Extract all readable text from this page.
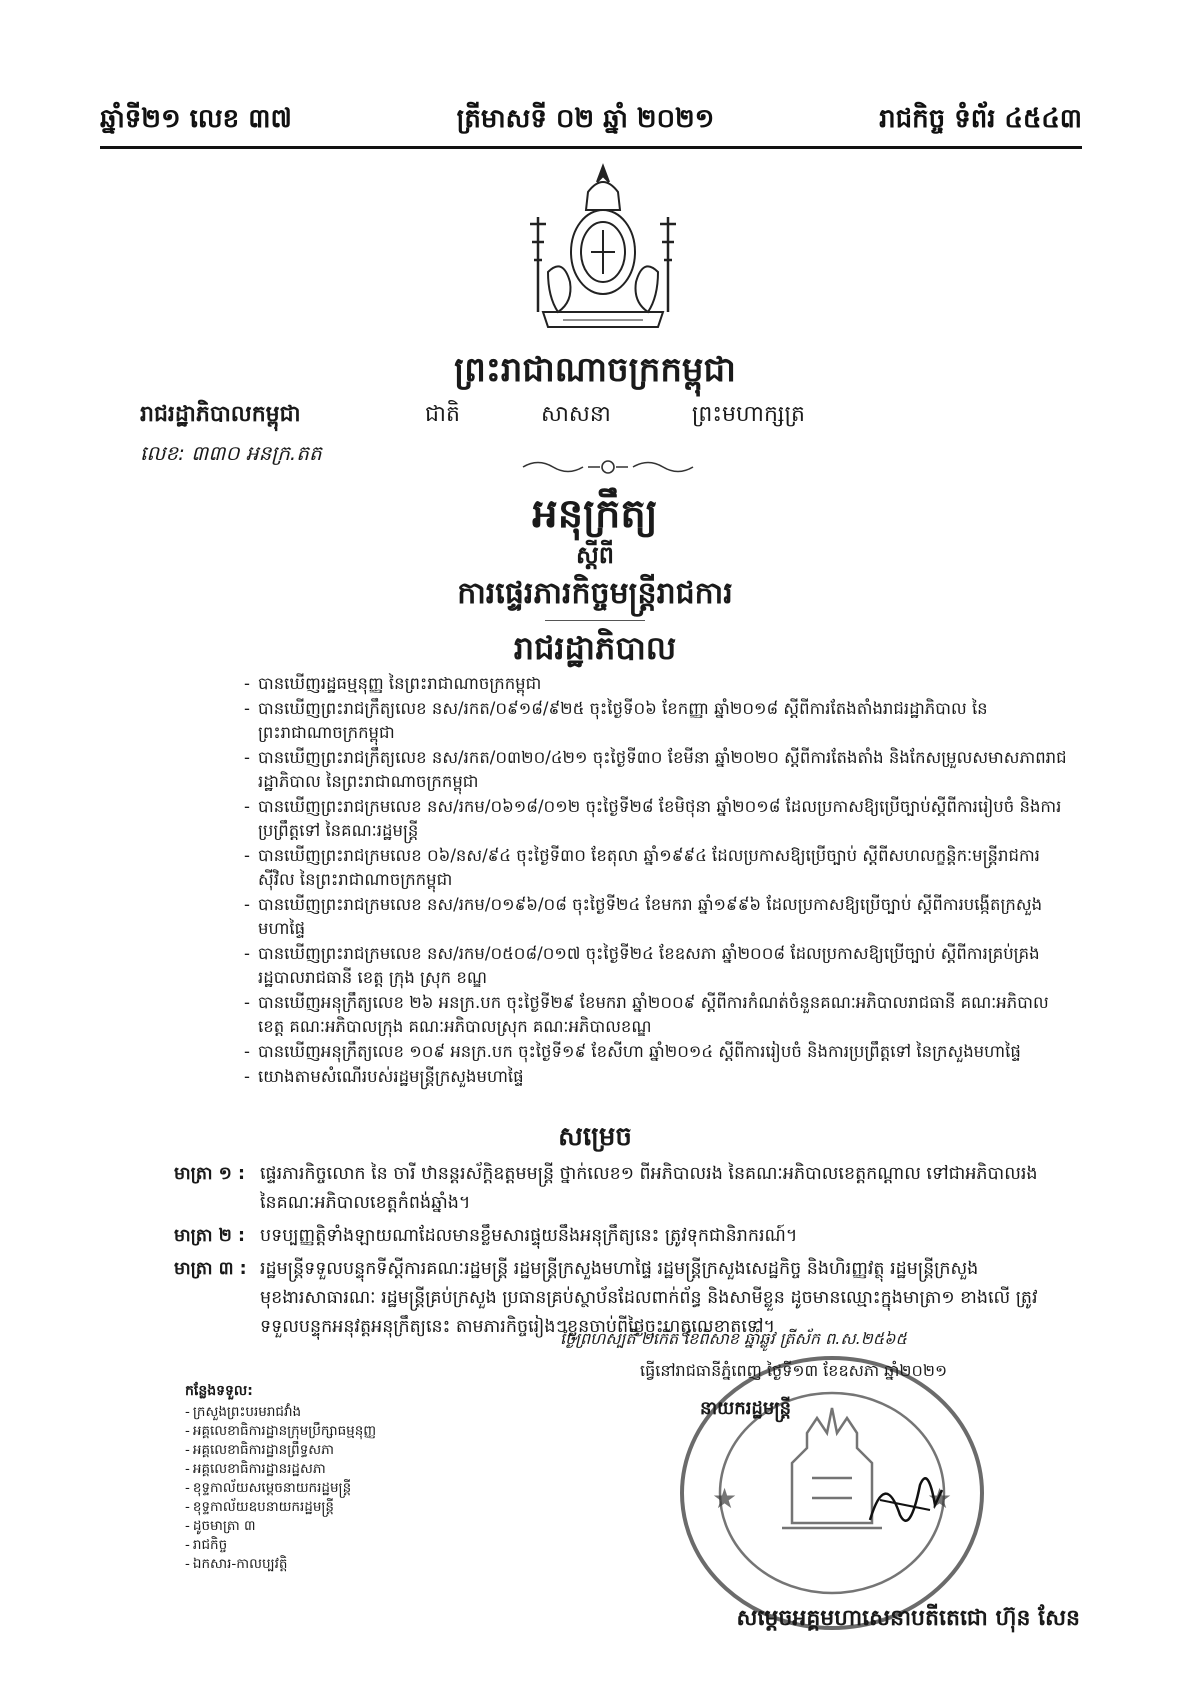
ឆ្នាំទី២១ លេខ ៣៧	ត្រីមាសទី ០២ ឆ្នាំ ២០២១	រាជកិច្ច ទំព័រ ៤៥៤៣
ព្រះរាជាណាចក្រកម្ពុជា
រាជរដ្ឋាភិបាលកម្ពុជា	ជាតិ	សាសនា	ព្រះមហាក្សត្រ
លេខ: ៣៣០ អនក្រ.តត
អនុក្រឹត្យ
ស្តីពី
ការផ្ទេរភារកិច្ចមន្ត្រីរាជការ
រាជរដ្ឋាភិបាល
- បានឃើញរដ្ឋធម្មនុញ្ញ នៃព្រះរាជាណាចក្រកម្ពុជា
- បានឃើញព្រះរាជក្រឹត្យលេខ នស/រកត/០៩១៨/៩២៥ ចុះថ្ងៃទី០៦ ខែកញ្ញា ឆ្នាំ២០១៨ ស្តីពីការតែងតាំងរាជរដ្ឋាភិបាល នៃព្រះរាជាណាចក្រកម្ពុជា
- បានឃើញព្រះរាជក្រឹត្យលេខ នស/រកត/០៣២០/៤២១ ចុះថ្ងៃទី៣០ ខែមីនា ឆ្នាំ២០២០ ស្តីពីការតែងតាំង និងកែសម្រួលសមាសភាពរាជរដ្ឋាភិបាល នៃព្រះរាជាណាចក្រកម្ពុជា
- បានឃើញព្រះរាជក្រមលេខ នស/រកម/០៦១៨/០១២ ចុះថ្ងៃទី២៨ ខែមិថុនា ឆ្នាំ២០១៨ ដែលប្រកាសឱ្យប្រើច្បាប់ស្តីពីការរៀបចំ និងការប្រព្រឹត្តទៅ នៃគណៈរដ្ឋមន្ត្រី
- បានឃើញព្រះរាជក្រមលេខ ០៦/នស/៩៤ ចុះថ្ងៃទី៣០ ខែតុលា ឆ្នាំ១៩៩៤ ដែលប្រកាសឱ្យប្រើច្បាប់ ស្តីពីសហលក្ខន្តិកៈមន្ត្រីរាជការស៊ីវិល នៃព្រះរាជាណាចក្រកម្ពុជា
- បានឃើញព្រះរាជក្រមលេខ នស/រកម/០១៩៦/០៨ ចុះថ្ងៃទី២៤ ខែមករា ឆ្នាំ១៩៩៦ ដែលប្រកាសឱ្យប្រើច្បាប់ ស្តីពីការបង្កើតក្រសួងមហាផ្ទៃ
- បានឃើញព្រះរាជក្រមលេខ នស/រកម/០៥០៨/០១៧ ចុះថ្ងៃទី២៤ ខែឧសភា ឆ្នាំ២០០៨ ដែលប្រកាសឱ្យប្រើច្បាប់ ស្តីពីការគ្រប់គ្រងរដ្ឋបាលរាជធានី ខេត្ត ក្រុង ស្រុក ខណ្ឌ
- បានឃើញអនុក្រឹត្យលេខ ២៦ អនក្រ.បក ចុះថ្ងៃទី២៩ ខែមករា ឆ្នាំ២០០៩ ស្តីពីការកំណត់ចំនួនគណៈអភិបាលរាជធានី គណៈអភិបាលខេត្ត គណៈអភិបាលក្រុង គណៈអភិបាលស្រុក គណៈអភិបាលខណ្ឌ
- បានឃើញអនុក្រឹត្យលេខ ១០៩ អនក្រ.បក ចុះថ្ងៃទី១៩ ខែសីហា ឆ្នាំ២០១៤ ស្តីពីការរៀបចំ និងការប្រព្រឹត្តទៅ នៃក្រសួងមហាផ្ទៃ
- យោងតាមសំណើរបស់រដ្ឋមន្ត្រីក្រសួងមហាផ្ទៃ
សម្រេច
មាត្រា ១ : ផ្ទេរភារកិច្ចលោក នៃ ចារី ឋានន្តរស័ក្តិឧត្តមមន្ត្រី ថ្នាក់លេខ១ ពីអភិបាលរង នៃគណៈអភិបាលខេត្តកណ្តាល ទៅជាអភិបាលរង នៃគណៈអភិបាលខេត្តកំពង់ឆ្នាំង។
មាត្រា ២ : បទប្បញ្ញត្តិទាំងឡាយណាដែលមានខ្លឹមសារផ្ទុយនឹងអនុក្រឹត្យនេះ ត្រូវទុកជានិរាករណ៍។
មាត្រា ៣ : រដ្ឋមន្ត្រីទទួលបន្ទុកទីស្តីការគណៈរដ្ឋមន្ត្រី រដ្ឋមន្ត្រីក្រសួងមហាផ្ទៃ រដ្ឋមន្ត្រីក្រសួងសេដ្ឋកិច្ច និងហិរញ្ញវត្ថុ រដ្ឋមន្ត្រីក្រសួងមុខងារសាធារណៈ រដ្ឋមន្ត្រីគ្រប់ក្រសួង ប្រធានគ្រប់ស្ថាប័នដែលពាក់ព័ន្ធ និងសាមីខ្លួន ដូចមានឈ្មោះក្នុងមាត្រា១ ខាងលើ ត្រូវទទួលបន្ទុកអនុវត្តអនុក្រឹត្យនេះ តាមភារកិច្ចរៀងៗខ្លួនចាប់ពីថ្ងៃចុះហត្ថលេខាតទៅ។
★	★
ថ្ងៃព្រហស្បតិ៍ ២កើត ខែពិសាខ ឆ្នាំឆ្លូវ ត្រីស័ក ព.ស.២៥៦៥
ធ្វើនៅរាជធានីភ្នំពេញ ថ្ងៃទី១៣ ខែឧសភា ឆ្នាំ២០២១
នាយករដ្ឋមន្ត្រី
សម្តេចអគ្គមហាសេនាបតីតេជោ ហ៊ុន សែន
កន្លែងទទួល:
- ក្រសួងព្រះបរមរាជវាំង
- អគ្គលេខាធិការដ្ឋានក្រុមប្រឹក្សាធម្មនុញ្ញ
- អគ្គលេខាធិការដ្ឋានព្រឹទ្ធសភា
- អគ្គលេខាធិការដ្ឋានរដ្ឋសភា
- ខុទ្ទកាល័យសម្តេចនាយករដ្ឋមន្ត្រី
- ខុទ្ទកាល័យឧបនាយករដ្ឋមន្ត្រី
- ដូចមាត្រា ៣
- រាជកិច្ច
- ឯកសារ-កាលប្បវត្តិ
